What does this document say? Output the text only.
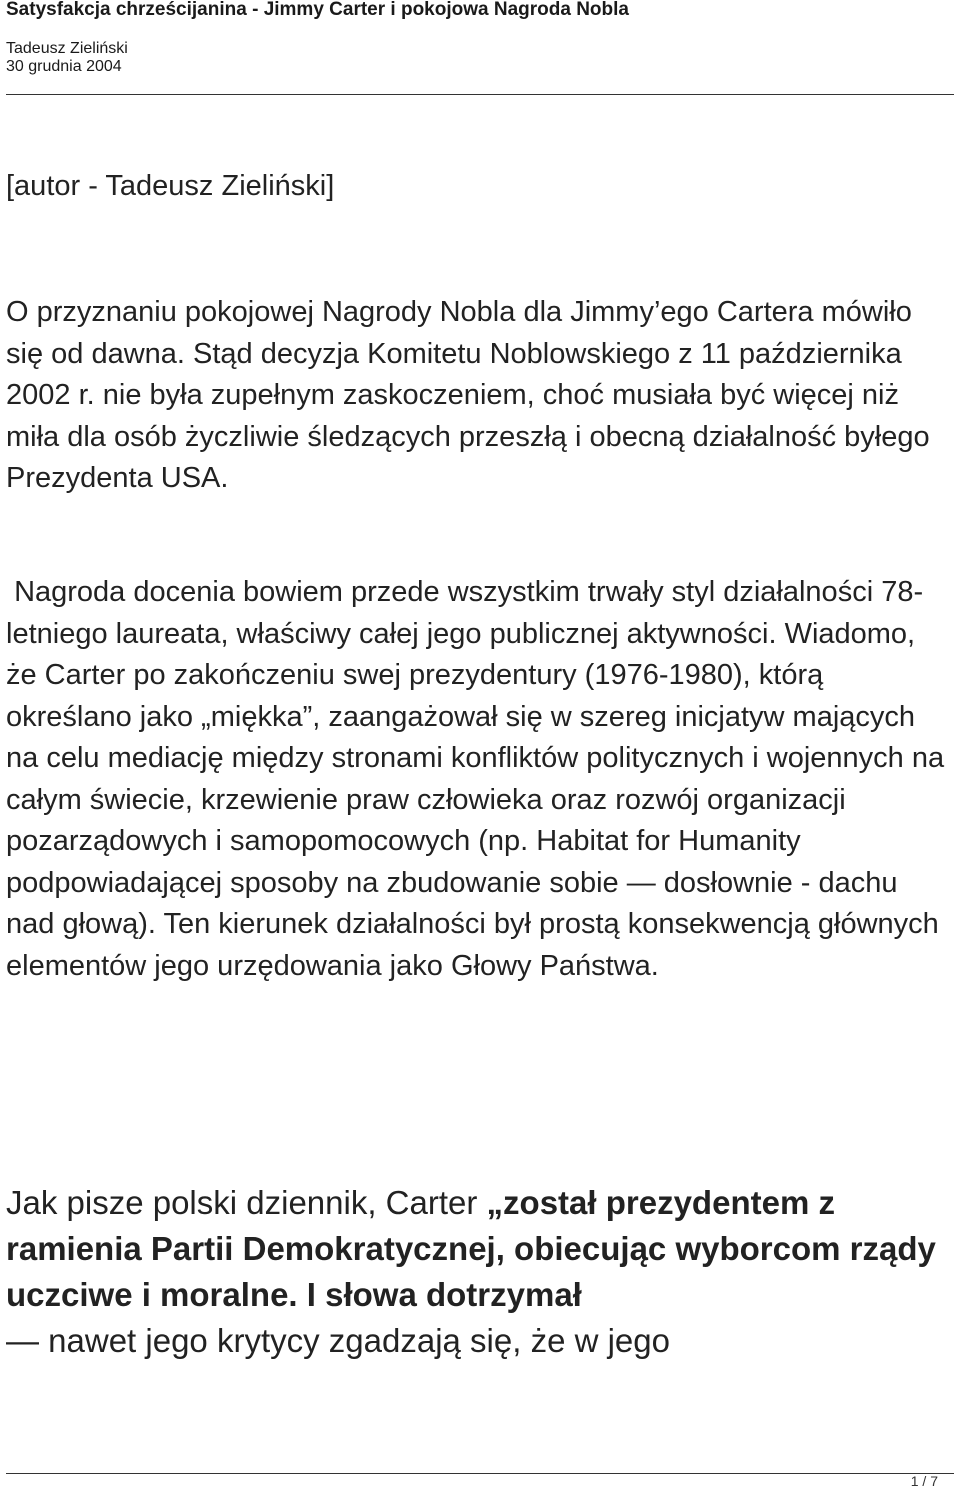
Satysfakcja chrześcijanina - Jimmy Carter i pokojowa Nagroda Nobla
Tadeusz Zieliński
30 grudnia 2004

[autor - Tadeusz Zieliński]

O przyznaniu pokojowej Nagrody Nobla dla Jimmy’ego Cartera mówiło się od dawna. Stąd decyzja Komitetu Noblowskiego z 11 października 2002 r. nie była zupełnym zaskoczeniem, choć musiała być więcej niż miła dla osób życzliwie śledzących przeszłą i obecną działalność byłego Prezydenta USA.

Nagroda docenia bowiem przede wszystkim trwały styl działalności 78-letniego laureata, właściwy całej jego publicznej aktywności. Wiadomo, że Carter po zakończeniu swej prezydentury (1976-1980), którą określano jako „miękka”, zaangażował się w szereg inicjatyw mających na celu mediację między stronami konfliktów politycznych i wojennych na całym świecie, krzewienie praw człowieka oraz rozwój organizacji pozarządowych i samopomocowych (np. Habitat for Humanity podpowiadającej sposoby na zbudowanie sobie — dosłownie - dachu nad głową). Ten kierunek działalności był prostą konsekwencją głównych elementów jego urzędowania jako Głowy Państwa.

Jak pisze polski dziennik, Carter „został prezydentem z ramienia Partii Demokratycznej, obiecując wyborcom rządy uczciwe i moralne. I słowa dotrzymał
— nawet jego krytycy zgadzają się, że w jego

1 / 7
